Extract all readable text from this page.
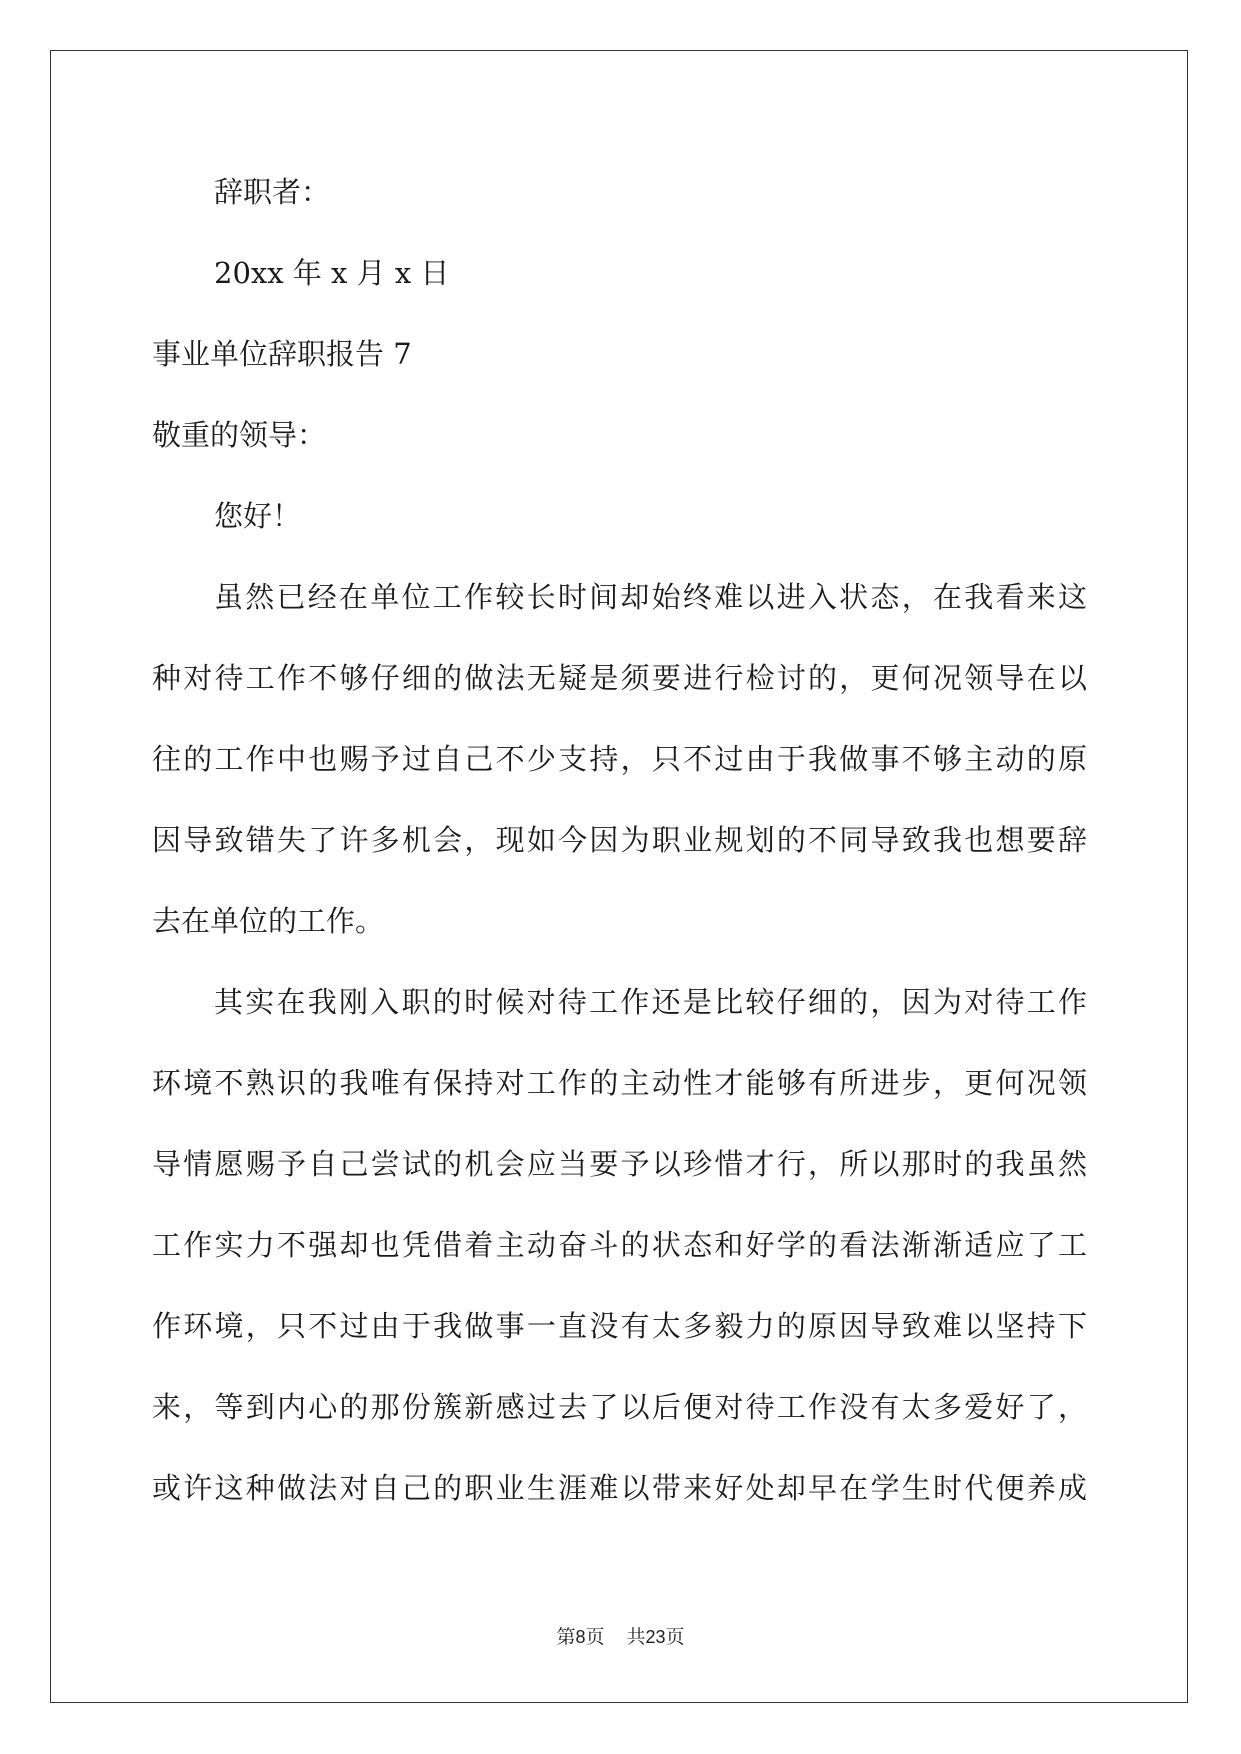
辞职者：
20xx 年 x 月 x 日
事业单位辞职报告 7
敬重的领导：
您好！
虽然已经在单位工作较长时间却始终难以进入状态，在我看来这
种对待工作不够仔细的做法无疑是须要进行检讨的，更何况领导在以
往的工作中也赐予过自己不少支持，只不过由于我做事不够主动的原
因导致错失了许多机会，现如今因为职业规划的不同导致我也想要辞
去在单位的工作。
其实在我刚入职的时候对待工作还是比较仔细的，因为对待工作
环境不熟识的我唯有保持对工作的主动性才能够有所进步，更何况领
导情愿赐予自己尝试的机会应当要予以珍惜才行，所以那时的我虽然
工作实力不强却也凭借着主动奋斗的状态和好学的看法渐渐适应了工
作环境，只不过由于我做事一直没有太多毅力的原因导致难以坚持下
来，等到内心的那份簇新感过去了以后便对待工作没有太多爱好了，
或许这种做法对自己的职业生涯难以带来好处却早在学生时代便养成
第8页 共23页
